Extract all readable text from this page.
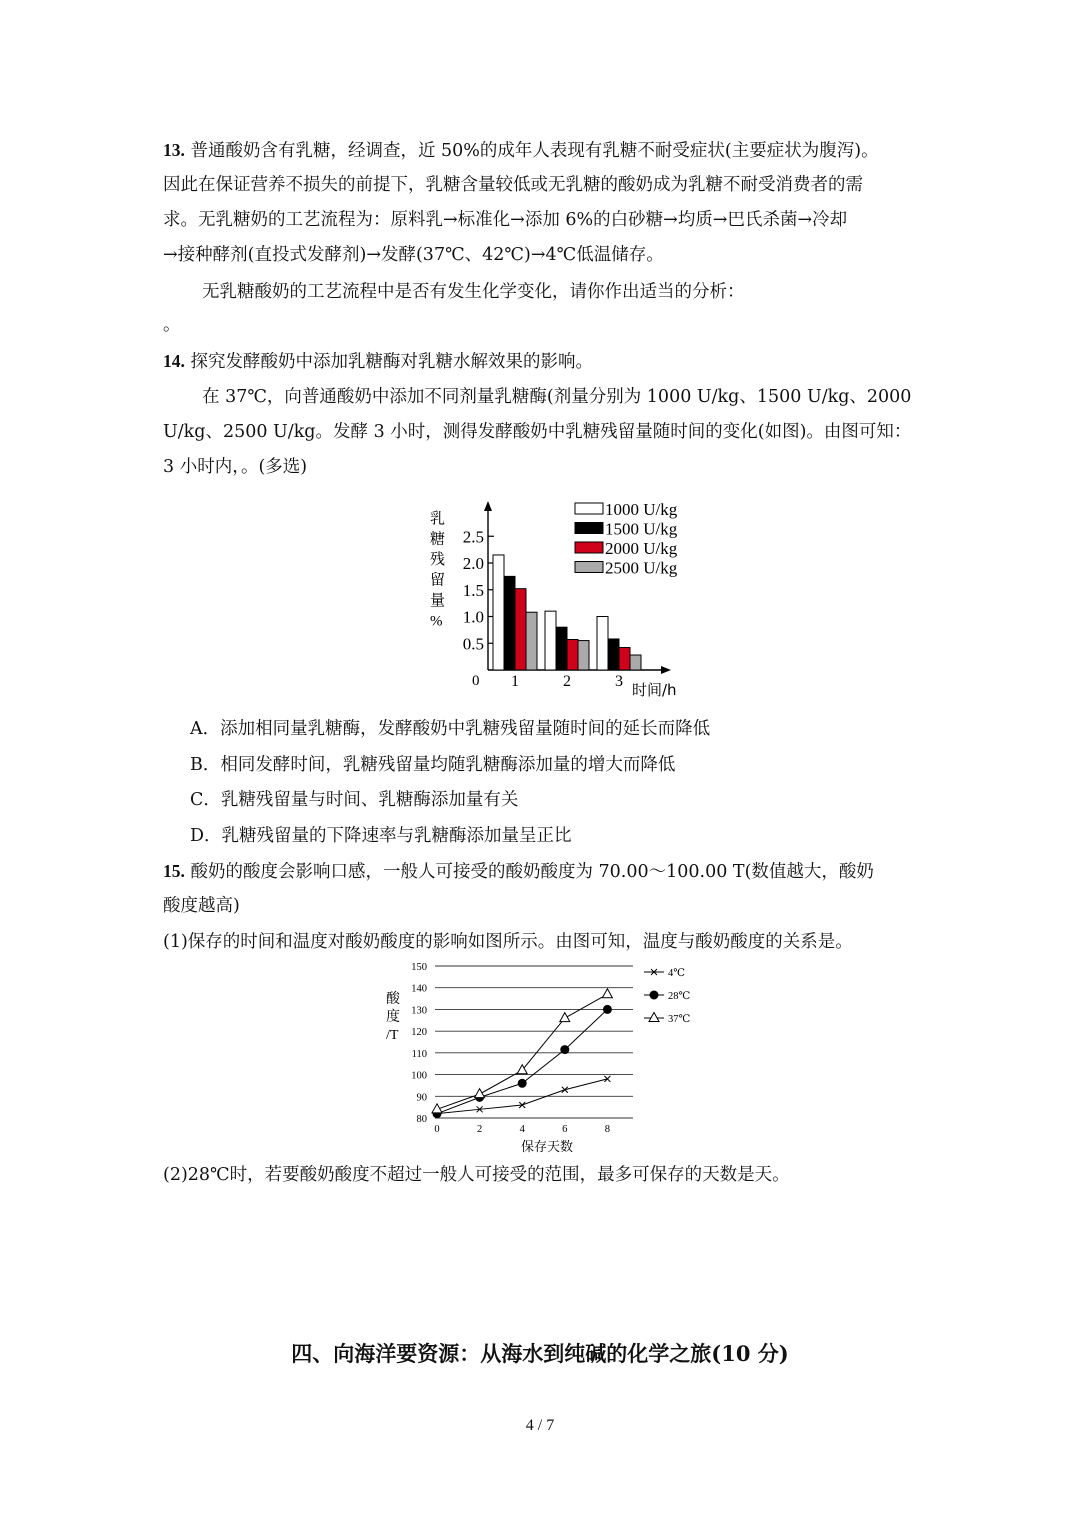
13. 普通酸奶含有乳糖，经调查，近 50%的成年人表现有乳糖不耐受症状(主要症状为腹泻)。
因此在保证营养不损失的前提下，乳糖含量较低或无乳糖的酸奶成为乳糖不耐受消费者的需
求。无乳糖奶的工艺流程为：原料乳→标准化→添加 6%的白砂糖→均质→巴氏杀菌→冷却
→接种酵剂(直投式发酵剂)→发酵(37℃、42℃)→4℃低温储存。
无乳糖酸奶的工艺流程中是否有发生化学变化，请你作出适当的分析：
。
14. 探究发酵酸奶中添加乳糖酶对乳糖水解效果的影响。
在 37℃，向普通酸奶中添加不同剂量乳糖酶(剂量分别为 1000 U/kg、1500 U/kg、2000
U/kg、2500 U/kg。发酵 3 小时，测得发酵酸奶中乳糖残留量随时间的变化(如图)。由图可知：
3 小时内，。(多选)
乳
糖
残
留
量
%
0.5
1.0
1.5
2.0
2.5
1	2	3
1000 U/kg
1500 U/kg
2000 U/kg
2500 U/kg
0	时间/h
A．添加相同量乳糖酶，发酵酸奶中乳糖残留量随时间的延长而降低
B．相同发酵时间，乳糖残留量均随乳糖酶添加量的增大而降低
C．乳糖残留量与时间、乳糖酶添加量有关
D．乳糖残留量的下降速率与乳糖酶添加量呈正比
15. 酸奶的酸度会影响口感，一般人可接受的酸奶酸度为 70.00～100.00 T(数值越大，酸奶
酸度越高)
(1)保存的时间和温度对酸奶酸度的影响如图所示。由图可知，温度与酸奶酸度的关系是。
80
90
100
110
120
130
140
150
0	2	4	6	8
4℃
28℃
37℃
酸
度
/T
保存天数
(2)28℃时，若要酸奶酸度不超过一般人可接受的范围，最多可保存的天数是天。
四、向海洋要资源：从海水到纯碱的化学之旅(10 分)
4 / 7
